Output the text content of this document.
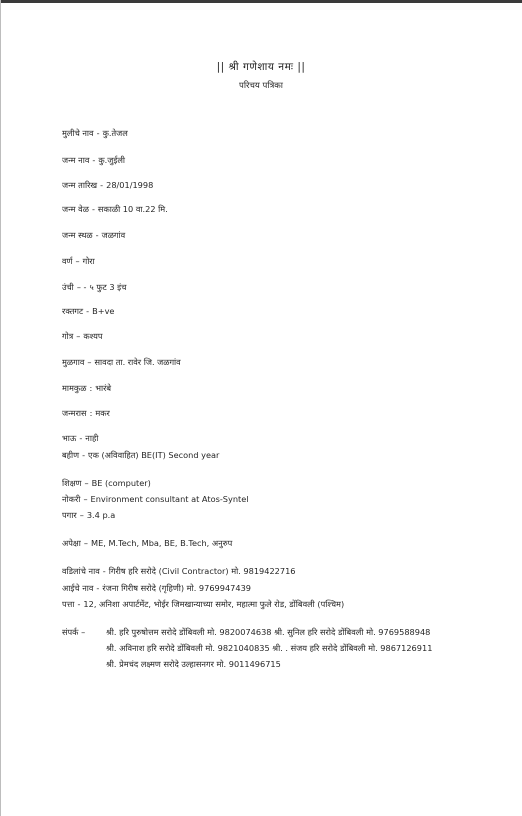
|| श्री गणेशाय नमः ||
परिचय पत्रिका
मुलीचे नाव - कु.तेजल
जन्म नाव - कु.जुईली
जन्म तारिख - 28/01/1998
जन्म वेळ - सकाळी 10 वा.22 मि.
जन्म स्थळ - जळगांव
वर्ण – गोरा
उंची – - ५ फुट 3 इंच
रक्तगट - B+ve
गोत्र – कश्यप
मुळगाव – सावदा ता. रावेर जि. जळगांव
मामकुळ : भारंबे
जन्मरास : मकर
भाऊ - नाही
बहीण - एक (अविवाहित) BE(IT) Second year
शिक्षण – BE (computer)
नोकरी – Environment consultant at Atos-Syntel
पगार – 3.4 p.a
अपेक्षा – ME, M.Tech, Mba, BE, B.Tech, अनुरुप
वडिलांचे नाव - गिरीष हरि सरोदे (Civil Contractor) मो. 9819422716
आईचे नाव - रंजना गिरीष सरोदे (गृहिणी) मो. 9769947439
पत्ता - 12, अनिशा अपार्टमेंट, भोईर जिमखान्याच्या समोर, महात्मा फुले रोड, डोंबिवली (पश्चिम)
संपर्क –	श्री. हरि पुरुषोत्तम सरोदे डोंबिवली मो. 9820074638 श्री. सुनिल हरि सरोदे डोंबिवली मो. 9769588948
श्री. अविनाश हरि सरोदे डोंबिवली मो. 9821040835 श्री. . संजय हरि सरोदे डोंबिवली मो. 9867126911
श्री. प्रेमचंद लक्ष्मण सरोदे उल्हासनगर मो. 9011496715
